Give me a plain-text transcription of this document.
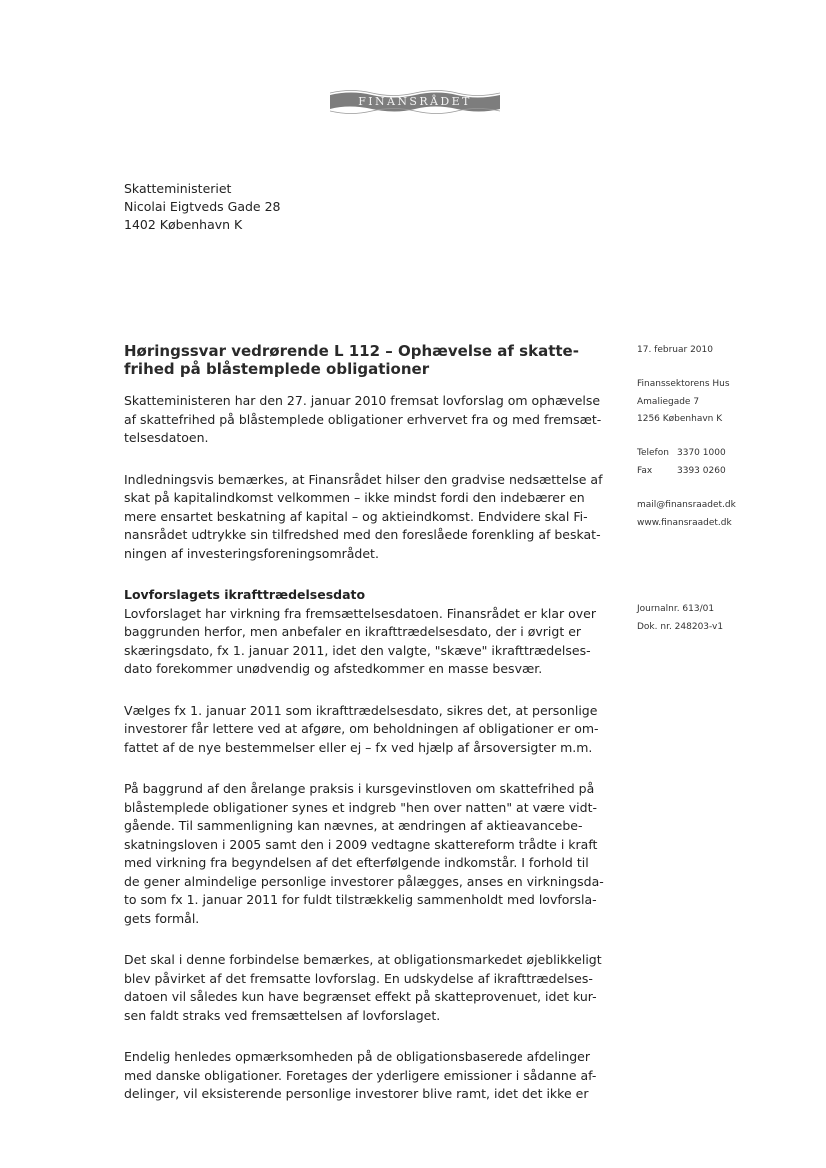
FINANSRÅDET
Skatteministeriet
Nicolai Eigtveds Gade 28
1402 København K
Høringssvar vedrørende L 112 – Ophævelse af skatte-
frihed på blåstemplede obligationer
17. februar 2010
Finanssektorens Hus
Amaliegade 7
1256 København K
Telefon 3370 1000
Fax	3393 0260
mail@finansraadet.dk
www.finansraadet.dk
Journalnr. 613/01
Dok. nr. 248203-v1
Skatteministeren har den 27. januar 2010 fremsat lovforslag om ophævelse
af skattefrihed på blåstemplede obligationer erhvervet fra og med fremsæt-
telsesdatoen.
Indledningsvis bemærkes, at Finansrådet hilser den gradvise nedsættelse af
skat på kapitalindkomst velkommen – ikke mindst fordi den indebærer en
mere ensartet beskatning af kapital – og aktieindkomst. Endvidere skal Fi-
nansrådet udtrykke sin tilfredshed med den foreslåede forenkling af beskat-
ningen af investeringsforeningsområdet.
Lovforslagets ikrafttrædelsesdato
Lovforslaget har virkning fra fremsættelsesdatoen. Finansrådet er klar over
baggrunden herfor, men anbefaler en ikrafttrædelsesdato, der i øvrigt er
skæringsdato, fx 1. januar 2011, idet den valgte, "skæve" ikrafttrædelses-
dato forekommer unødvendig og afstedkommer en masse besvær.
Vælges fx 1. januar 2011 som ikrafttrædelsesdato, sikres det, at personlige
investorer får lettere ved at afgøre, om beholdningen af obligationer er om-
fattet af de nye bestemmelser eller ej – fx ved hjælp af årsoversigter m.m.
På baggrund af den årelange praksis i kursgevinstloven om skattefrihed på
blåstemplede obligationer synes et indgreb "hen over natten" at være vidt-
gående. Til sammenligning kan nævnes, at ændringen af aktieavancebe-
skatningsloven i 2005 samt den i 2009 vedtagne skattereform trådte i kraft
med virkning fra begyndelsen af det efterfølgende indkomstår. I forhold til
de gener almindelige personlige investorer pålægges, anses en virkningsda-
to som fx 1. januar 2011 for fuldt tilstrækkelig sammenholdt med lovforsla-
gets formål.
Det skal i denne forbindelse bemærkes, at obligationsmarkedet øjeblikkeligt
blev påvirket af det fremsatte lovforslag. En udskydelse af ikrafttrædelses-
datoen vil således kun have begrænset effekt på skatteprovenuet, idet kur-
sen faldt straks ved fremsættelsen af lovforslaget.
Endelig henledes opmærksomheden på de obligationsbaserede afdelinger
med danske obligationer. Foretages der yderligere emissioner i sådanne af-
delinger, vil eksisterende personlige investorer blive ramt, idet det ikke er
